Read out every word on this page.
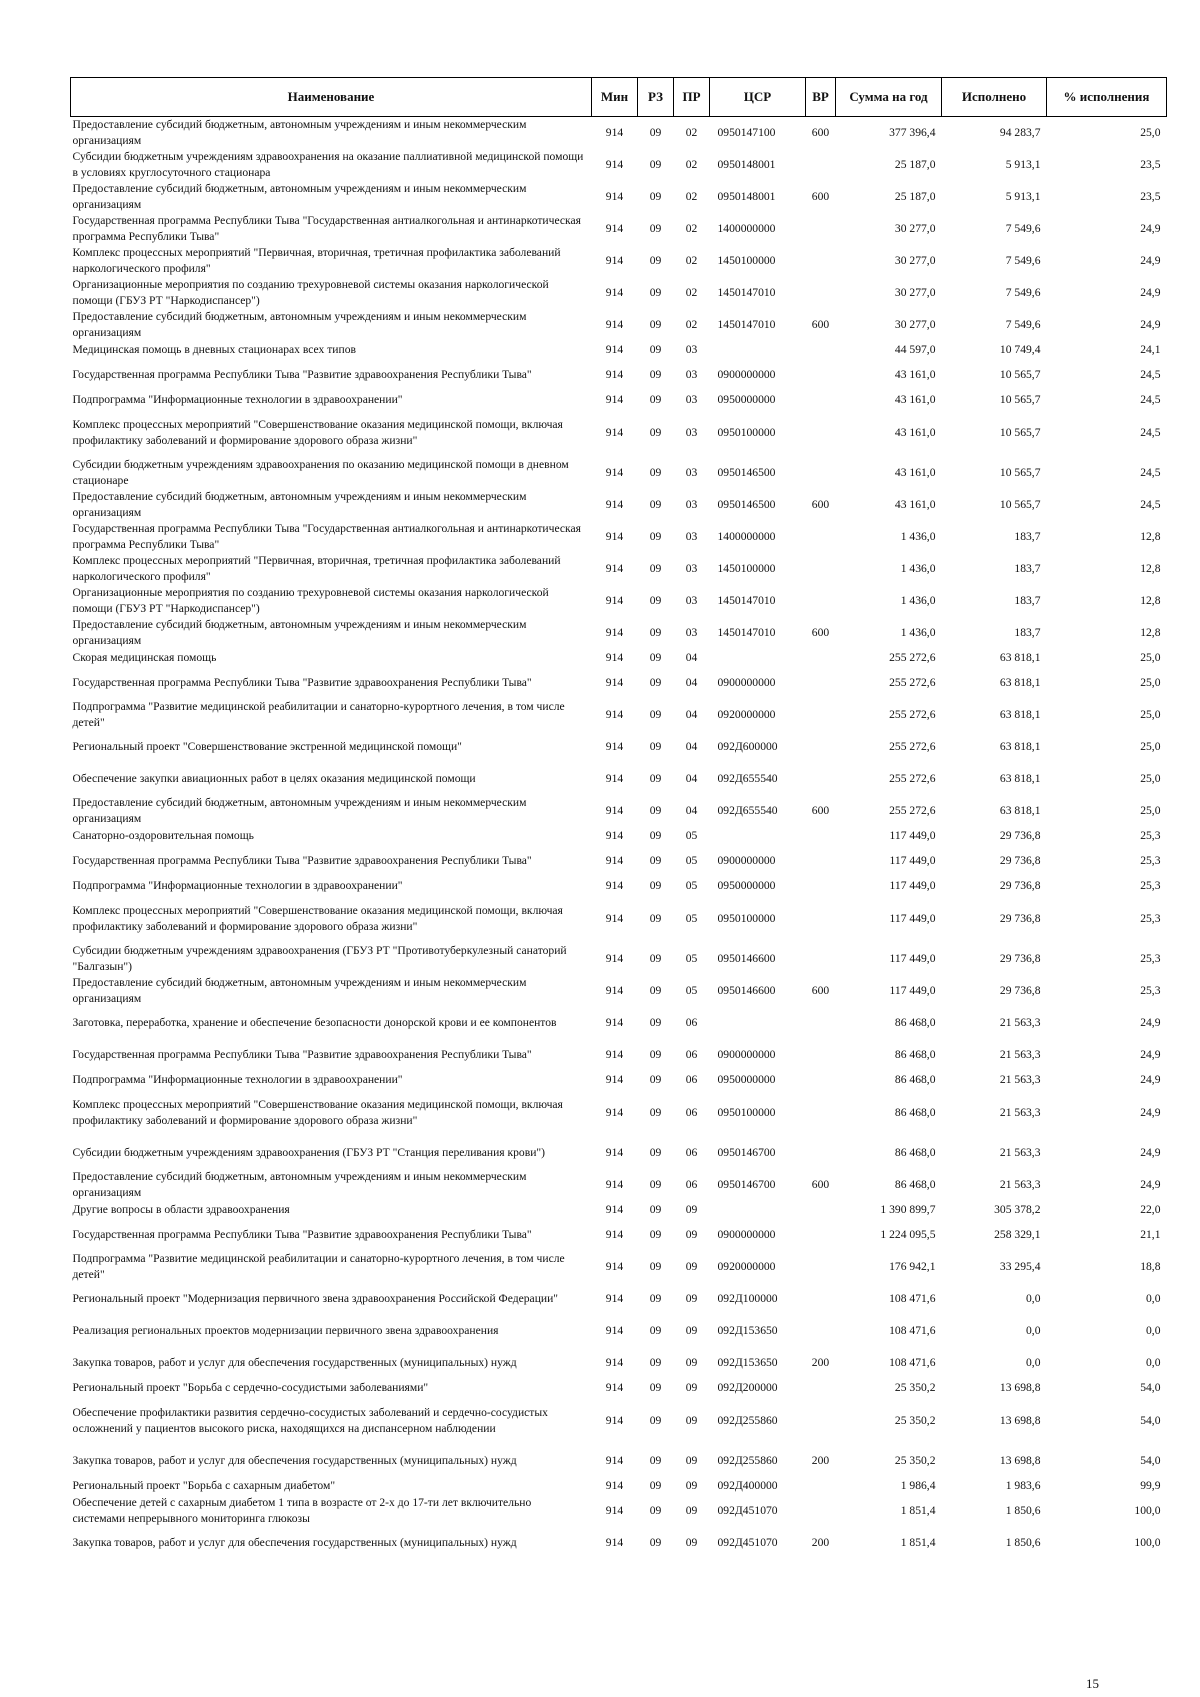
Наименование	Мин	РЗ	ПР	ЦСР	ВР	Сумма на год	Исполнено	% исполнения
Предоставление субсидий бюджетным, автономным учреждениям и иным некоммерческим организациям	914	09	02	0950147100	600	377 396,4	94 283,7	25,0
Субсидии бюджетным учреждениям здравоохранения на оказание паллиативной медицинской помощи в условиях круглосуточного стационара	914	09	02	0950148001		25 187,0	5 913,1	23,5
Предоставление субсидий бюджетным, автономным учреждениям и иным некоммерческим организациям	914	09	02	0950148001	600	25 187,0	5 913,1	23,5
Государственная программа Республики Тыва "Государственная антиалкогольная и антинаркотическая программа Республики Тыва"	914	09	02	1400000000		30 277,0	7 549,6	24,9
Комплекс процессных мероприятий "Первичная, вторичная, третичная профилактика заболеваний наркологического профиля"	914	09	02	1450100000		30 277,0	7 549,6	24,9
Организационные мероприятия по созданию трехуровневой системы оказания наркологической помощи (ГБУЗ РТ "Наркодиспансер")	914	09	02	1450147010		30 277,0	7 549,6	24,9
Предоставление субсидий бюджетным, автономным учреждениям и иным некоммерческим организациям	914	09	02	1450147010	600	30 277,0	7 549,6	24,9
Медицинская помощь в дневных стационарах всех типов	914	09	03			44 597,0	10 749,4	24,1
Государственная программа Республики Тыва "Развитие здравоохранения Республики Тыва"	914	09	03	0900000000		43 161,0	10 565,7	24,5
Подпрограмма "Информационные технологии в здравоохранении"	914	09	03	0950000000		43 161,0	10 565,7	24,5
Комплекс процессных мероприятий "Совершенствование оказания медицинской помощи, включая профилактику заболеваний и формирование здорового образа жизни"	914	09	03	0950100000		43 161,0	10 565,7	24,5
Субсидии бюджетным учреждениям здравоохранения по оказанию медицинской помощи в дневном стационаре	914	09	03	0950146500		43 161,0	10 565,7	24,5
Предоставление субсидий бюджетным, автономным учреждениям и иным некоммерческим организациям	914	09	03	0950146500	600	43 161,0	10 565,7	24,5
Государственная программа Республики Тыва "Государственная антиалкогольная и антинаркотическая программа Республики Тыва"	914	09	03	1400000000		1 436,0	183,7	12,8
Комплекс процессных мероприятий "Первичная, вторичная, третичная профилактика заболеваний наркологического профиля"	914	09	03	1450100000		1 436,0	183,7	12,8
Организационные мероприятия по созданию трехуровневой системы оказания наркологической помощи (ГБУЗ РТ "Наркодиспансер")	914	09	03	1450147010		1 436,0	183,7	12,8
Предоставление субсидий бюджетным, автономным учреждениям и иным некоммерческим организациям	914	09	03	1450147010	600	1 436,0	183,7	12,8
Скорая медицинская помощь	914	09	04			255 272,6	63 818,1	25,0
Государственная программа Республики Тыва "Развитие здравоохранения Республики Тыва"	914	09	04	0900000000		255 272,6	63 818,1	25,0
Подпрограмма "Развитие медицинской реабилитации и санаторно-курортного лечения, в том числе детей"	914	09	04	0920000000		255 272,6	63 818,1	25,0
Региональный проект "Совершенствование экстренной медицинской помощи"	914	09	04	092Д600000		255 272,6	63 818,1	25,0
Обеспечение закупки авиационных работ в целях оказания медицинской помощи	914	09	04	092Д655540		255 272,6	63 818,1	25,0
Предоставление субсидий бюджетным, автономным учреждениям и иным некоммерческим организациям	914	09	04	092Д655540	600	255 272,6	63 818,1	25,0
Санаторно-оздоровительная помощь	914	09	05			117 449,0	29 736,8	25,3
Государственная программа Республики Тыва "Развитие здравоохранения Республики Тыва"	914	09	05	0900000000		117 449,0	29 736,8	25,3
Подпрограмма "Информационные технологии в здравоохранении"	914	09	05	0950000000		117 449,0	29 736,8	25,3
Комплекс процессных мероприятий "Совершенствование оказания медицинской помощи, включая профилактику заболеваний и формирование здорового образа жизни"	914	09	05	0950100000		117 449,0	29 736,8	25,3
Субсидии бюджетным учреждениям здравоохранения (ГБУЗ РТ "Противотуберкулезный санаторий "Балгазын")	914	09	05	0950146600		117 449,0	29 736,8	25,3
Предоставление субсидий бюджетным, автономным учреждениям и иным некоммерческим организациям	914	09	05	0950146600	600	117 449,0	29 736,8	25,3
Заготовка, переработка, хранение и обеспечение безопасности донорской крови и ее компонентов	914	09	06			86 468,0	21 563,3	24,9
Государственная программа Республики Тыва "Развитие здравоохранения Республики Тыва"	914	09	06	0900000000		86 468,0	21 563,3	24,9
Подпрограмма "Информационные технологии в здравоохранении"	914	09	06	0950000000		86 468,0	21 563,3	24,9
Комплекс процессных мероприятий "Совершенствование оказания медицинской помощи, включая профилактику заболеваний и формирование здорового образа жизни"	914	09	06	0950100000		86 468,0	21 563,3	24,9
Субсидии бюджетным учреждениям здравоохранения (ГБУЗ РТ "Станция переливания крови")	914	09	06	0950146700		86 468,0	21 563,3	24,9
Предоставление субсидий бюджетным, автономным учреждениям и иным некоммерческим организациям	914	09	06	0950146700	600	86 468,0	21 563,3	24,9
Другие вопросы в области здравоохранения	914	09	09			1 390 899,7	305 378,2	22,0
Государственная программа Республики Тыва "Развитие здравоохранения Республики Тыва"	914	09	09	0900000000		1 224 095,5	258 329,1	21,1
Подпрограмма "Развитие медицинской реабилитации и санаторно-курортного лечения, в том числе детей"	914	09	09	0920000000		176 942,1	33 295,4	18,8
Региональный проект "Модернизация первичного звена здравоохранения Российской Федерации"	914	09	09	092Д100000		108 471,6	0,0	0,0
Реализация региональных проектов модернизации первичного звена здравоохранения	914	09	09	092Д153650		108 471,6	0,0	0,0
Закупка товаров, работ и услуг для обеспечения государственных (муниципальных) нужд	914	09	09	092Д153650	200	108 471,6	0,0	0,0
Региональный проект "Борьба с сердечно-сосудистыми заболеваниями"	914	09	09	092Д200000		25 350,2	13 698,8	54,0
Обеспечение профилактики развития сердечно-сосудистых заболеваний и сердечно-сосудистых осложнений у пациентов высокого риска, находящихся на диспансерном наблюдении	914	09	09	092Д255860		25 350,2	13 698,8	54,0
Закупка товаров, работ и услуг для обеспечения государственных (муниципальных) нужд	914	09	09	092Д255860	200	25 350,2	13 698,8	54,0
Региональный проект "Борьба с сахарным диабетом"	914	09	09	092Д400000		1 986,4	1 983,6	99,9
Обеспечение детей с сахарным диабетом 1 типа в возрасте от 2-х до 17-ти лет включительно системами непрерывного мониторинга глюкозы	914	09	09	092Д451070		1 851,4	1 850,6	100,0
Закупка товаров, работ и услуг для обеспечения государственных (муниципальных) нужд	914	09	09	092Д451070	200	1 851,4	1 850,6	100,0
15
